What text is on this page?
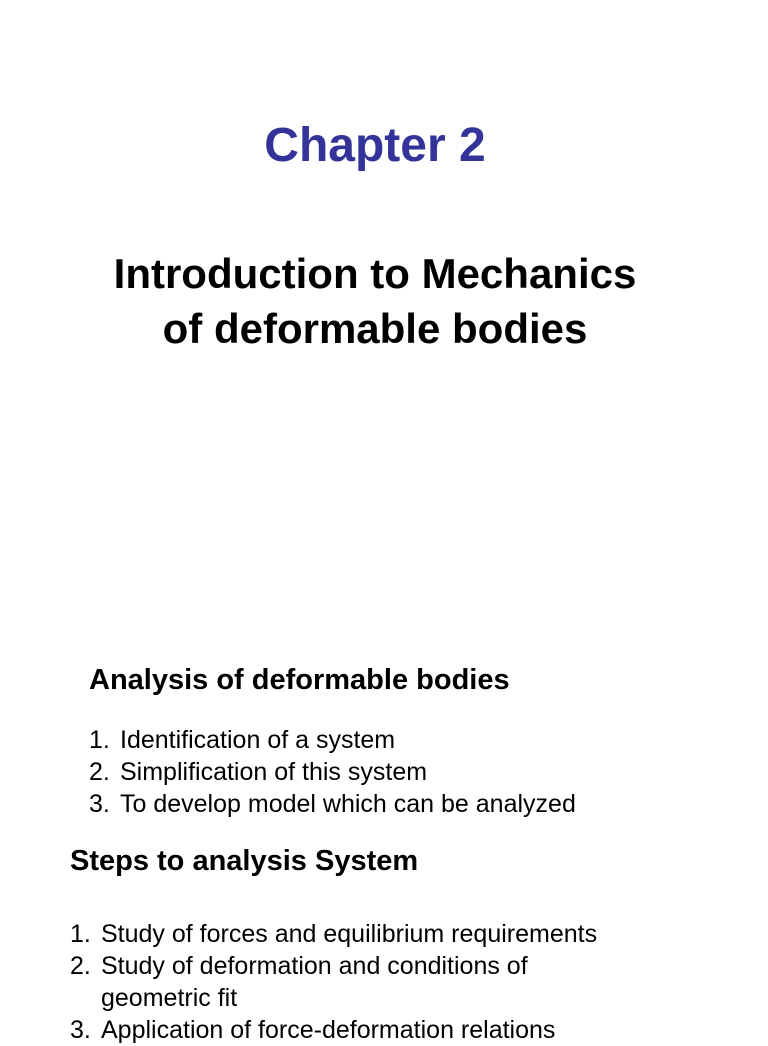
Chapter 2
Introduction to Mechanics
of deformable bodies
Analysis of deformable bodies
1. Identification of a system
2. Simplification of this system
3. To develop model which can be analyzed
Steps to analysis System
1. Study of forces and equilibrium requirements
2. Study of deformation and conditions of
geometric fit
3. Application of force-deformation relations
